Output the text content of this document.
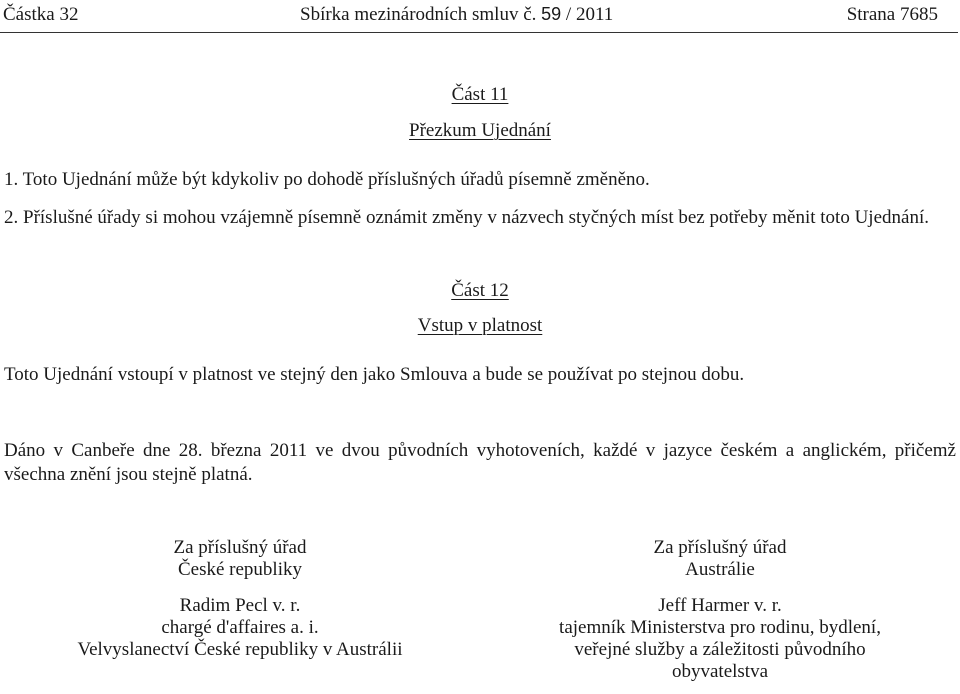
Částka 32	Sbírka mezinárodních smluv č. 59 / 2011	Strana 7685
Část 11
Přezkum Ujednání
1. Toto Ujednání může být kdykoliv po dohodě příslušných úřadů písemně změněno.
2. Příslušné úřady si mohou vzájemně písemně oznámit změny v názvech styčných míst bez potřeby měnit toto Ujednání.
Část 12
Vstup v platnost
Toto Ujednání vstoupí v platnost ve stejný den jako Smlouva a bude se používat po stejnou dobu.
Dáno v Canbeře dne 28. března 2011 ve dvou původních vyhotoveních, každé v jazyce českém a anglickém, přičemž všechna znění jsou stejně platná.
Za příslušný úřad
České republiky
Radim Pecl v. r.
chargé d'affaires a. i.
Velvyslanectví České republiky v Austrálii
Za příslušný úřad
Austrálie
Jeff Harmer v. r.
tajemník Ministerstva pro rodinu, bydlení,
veřejné služby a záležitosti původního
obyvatelstva
